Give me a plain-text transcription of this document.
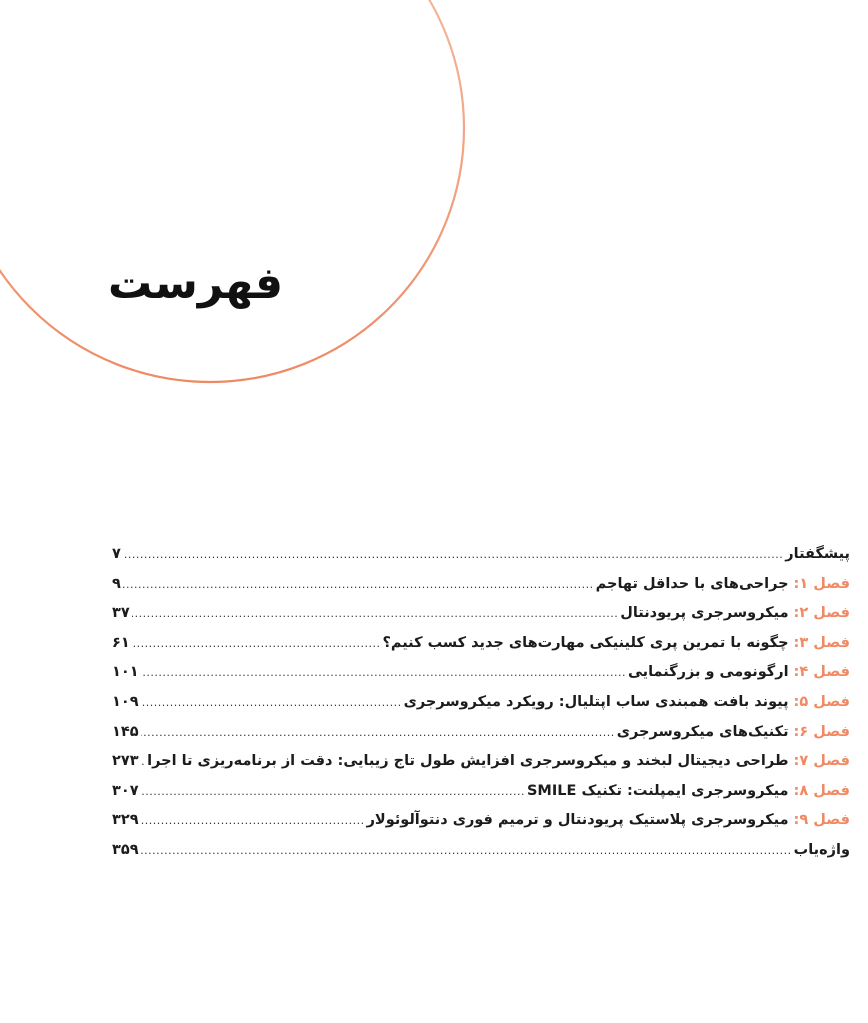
فهرست
پیشگفتار
.....
۷
فصل ۱:
جراحی‌های با حداقل تهاجم
.....
۹
فصل ۲:
میکروسرجری پریودنتال
.....
۳۷
فصل ۳:
چگونه با تمرین پری کلینیکی مهارت‌های جدید کسب کنیم؟
.....
۶۱
فصل ۴:
ارگونومی و بزرگنمایی
.....
۱۰۱
فصل ۵:
پیوند بافت همبندی ساب اپتلیال: رویکرد میکروسرجری
.....
۱۰۹
فصل ۶:
تکنیک‌های میکروسرجری
.....
۱۴۵
فصل ۷:
طراحی دیجیتال لبخند و میکروسرجری افزایش طول تاج زیبایی: دقت از برنامه‌ریزی تا اجرا
.....
۲۷۳
فصل ۸:
میکروسرجری ایمپلنت: تکنیک SMILE
.....
۳۰۷
فصل ۹:
میکروسرجری پلاستیک پریودنتال و ترمیم فوری دنتوآلوئولار
.....
۳۲۹
واژه‌یاب
.....
۳۵۹
